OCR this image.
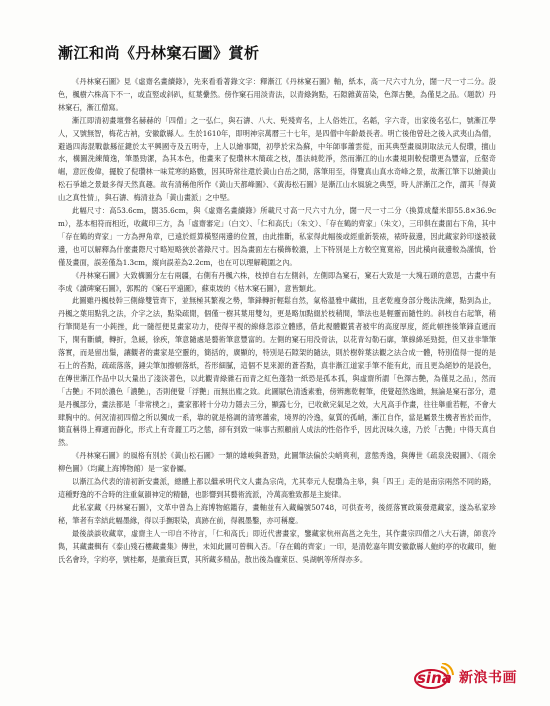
漸江和尚《丹林窠石圖》賞析

《丹林窠石圖》見《虛齋名畫續錄》，先來看看著錄文字：釋漸江《丹林窠石圖》軸，紙本，高一尺六寸九分，闊一尺一寸二分。設色，楓樹六株高下不一，或直竪或斜趴，紅葉纍然。傍作窠石用淡青法，以青綠鉤點，石隙雜黃苗染，色澤古艷，為僅見之品。（題款）丹林窠石，漸江僧寫。

漸江即清初畫壇聲名赫赫的「四僧」之一弘仁，與石濤、八大、髡殘齊名，上人俗姓江，名韜，字六奇，出家後名弘仁，號漸江學人，又號無智，梅花古衲，安徽歙縣人。生於1610年，即明神宗萬曆三十七年，是四僧中年齡最長者。明亡後他曾赴之後入武夷山為僧，避過四海混戰歙縣征鍵於太平興國寺及五明寺，上人以繪事聞，初學於宋為蘇，中年師事蕭雲從，而其典型畫風則取法元人倪瓚，擅山水，構圖洗練簡逸，筆墨勁潔，為其本色，他畫來了倪瓚林木簡疏之枝，墨法純乾淨，然而漸江的山水畫規則較倪瓚更為豐富，丘壑奇崛，意匠俊偉，擺脫了倪瓚林一味荒寒的路數，因其時常往還於黃山白岳之間，落筆用至，得覽真山真水奇峰之景，故漸江筆下以繪黃山松石爭雄之景最多得天然真趣。故有清稱他所作《黃山天都峰圖》、《黃海松石圖》是漸江山水風貌之典型，時人評漸江之作，謂其「得黃山之真性情」，與石濤、梅清並為「黃山畫派」之中堅。

此幅尺寸：高53.6cm，闊35.6cm，與《虛齋名畫續錄》所載尺寸高一尺六寸九分，闊一尺一寸二分（換算成釐米即55.8×36.9cm），基本相符而相近，收藏印三方，為「虛齋審定」（白文）、「仁和高氏」（朱文）、「存在鶴的齊家」（朱文），三印俱在畫面右下角，其中「存在鶴的齊家」一方為押角章，已遠於經算橫竪兩邊的位置，由此推斷，私家得此幅後或經重新裝裱，裱時裁邊，因此藏家鈐印遂被裁邊，也可以解釋為什麼畫際尺寸略短略狹於著錄尺寸。因為畫面左右橫飾較濃，上下特別是上方較空寬寬裕，因此橫向裁邊較為謹慎，恰僅及畫面，誤差僅為1.3cm，縱向誤差為2.2cm，也在可以理解範圍之內。

《丹林窠石圖》大致構圖分左右兩疆，右側有丹楓六株，枝掉自右左側斜，左側即為窠石，窠石大致是一大塊石頭的意思，古畫中有李成《讀碑窠石圖》，郭熙的《窠石平遠圖》，蘇東坡的《枯木窠石圖》，意皆類此。

此圖雖丹楓枝幹三側綠雙管齊下，並無極其繁複之勢，筆鋒轉折輕鬆自然，氣格溫雅中藏拙，且老乾瘦身部分幾法洗練，點到為止，丹楓之葉用點乳之法，介字之法，點染疏閒，個僅一樹其葉用雙勾，更是略加點綴於枝稍間，筆法也是輕靈而隨性的。斜枝自右起筆，稍行筆間是有一小鈍挫，此一隨徑便見畫家功力，使得平視的線條忽添立體感，借此視體觀賞者被牢的高度厚度，經此頓挫後筆鋒直遞而下，閑有斷續，轉折，急緩，徐疾，筆意隨處是藝術筆意豐富的。左側的窠石用没骨法，以花青勾勒石廓，筆線綿延勁挺，但又並非筆筆落實，而是留出鬚，讓觀者的畫家是空靈的，簡括的，廣顯的，特別是石隙架的隨法，則於樹幹葉法觀之法合成一體，特別值得一提的是石上的苔點，疏疏落落，錘尖筆加擦頓落紙，苔形細膩，這個不見來源的蒼苔點，真非漸江道家手筆不能有此，而且更為絕妙的是設色，在傳世漸江作品中以大量出了淺淡著色，以此觀青綠雜石而青之紅色蓬勃一紙恐是孤本孤，與虛齋所謂「色澤古艷，為僅見之品」，然而「古艷」不同於濃色「濃艷」，否則便覺「浮艷」而無出塵之致。此圖賦色清透素雅，傍辨應乾輕筆，使覺超然逸緻，無論是窠石部分，還是丹楓部分，畫法都是「非常樸之」，畫家都將十分功力隱去三分，顯露七分，已收歛完氣足之效，大凡高手作畫，往往舉重若輕，不會大肆胸中的。何況清初四僧之所以獨成一系，靠的就是格調的清寒蕭索，境界的冷逸，氣質的孤峭，漸江自作，當是屬景生機者皆於而作，簡直稱得上禪適而靜化，形式上有奇麗工巧之態，卻有到致一味事古照顧前人成法的性俗作乎，因此況味久遠，乃於「古艷」中得天真自然。

《丹林窠石圖》的風格有別於《黃山松石圖》一類的雄峻與蒼勁，此圖筆法偏於尖峭爽利，意態秀逸，與傳世《疏泉洗硯圖》、《雨余柳色圖》（均藏上海博物館）是一家眷屬。

以漸江為代表的清初新安畫派，總體上都以繼承明代文人畫為宗尚，尤其奉元人倪瓚為主皋，與「四王」走的是南宗兩然不同的路，這種野逸的不合時的注重氣韻神定的精髓，也影響到其藝術流派，冷萬高雅致都是主旋律。

此私家藏《丹林窠石圖》，文革中曾為上海博物館鑑存，畫軸並有入藏編號50748，可供查考，後經落實政策發還藏家，遂為私家珍秘，筆者有幸結此幅墨緣，得以手撫眼染，真跡在前，得親墨鑿，亦可稱慶。

最後談談收藏章，虛齋主人一印自不待言，「仁和高氏」即近代書畫家，鑒藏家杭州高邕之先生，其作畫宗四僧之八大石濤，師袁冷雋，其藏畫輯有《泰山殘石樓藏畫集》傳世，未知此圖可曾輯入否。「存在鶴的齊家」一印，是清乾嘉年間安徽歙縣人鮑約亭的收藏印，鮑氏名會玲，字約亭，號桂鄰，是徽商巨賈，其所藏多精品，散出後為龐萊臣、吳湖帆等所得亦多。

sina 新浪书画
